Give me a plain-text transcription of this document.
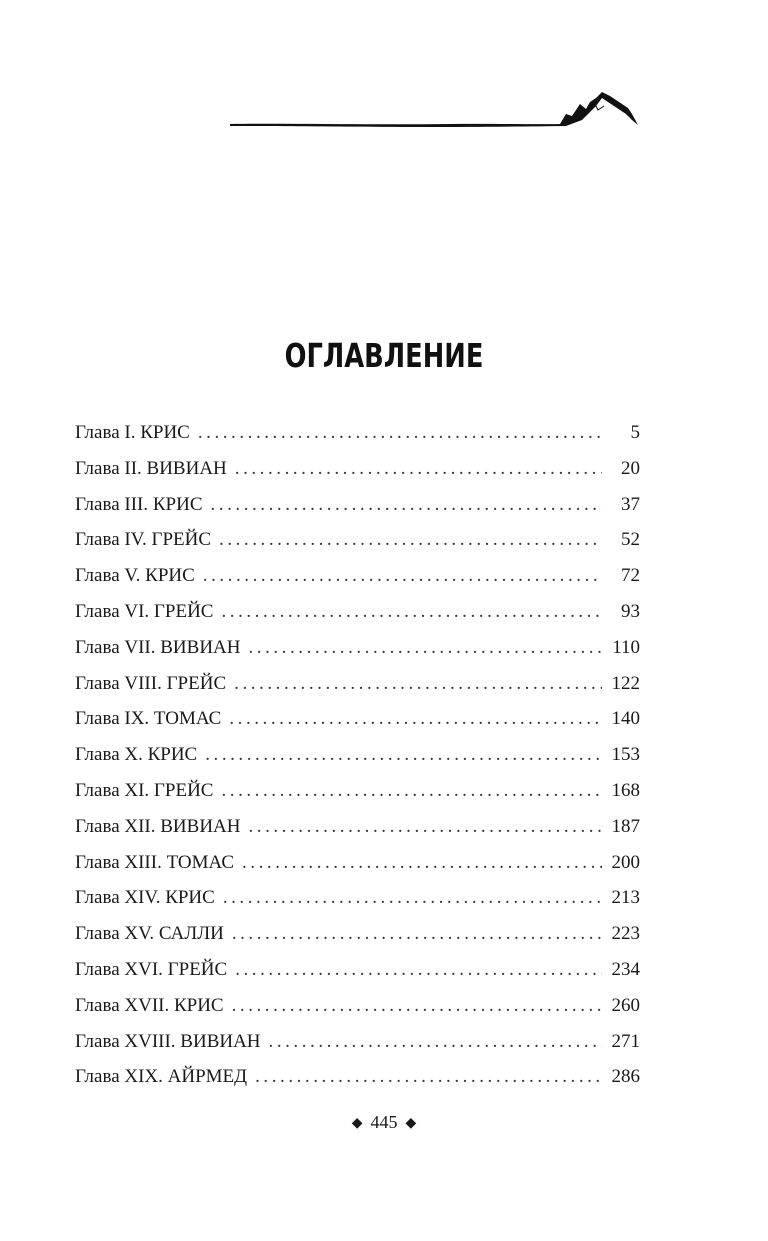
ОГЛАВЛЕНИЕ
Глава I. КРИС . . .	5
Глава II. ВИВИАН . . .	20
Глава III. КРИС . . .	37
Глава IV. ГРЕЙС . . .	52
Глава V. КРИС . . .	72
Глава VI. ГРЕЙС . . .	93
Глава VII. ВИВИАН . . .	110
Глава VIII. ГРЕЙС . . .	122
Глава IX. ТОМАС . . .	140
Глава X. КРИС . . .	153
Глава XI. ГРЕЙС . . .	168
Глава XII. ВИВИАН . . .	187
Глава XIII. ТОМАС . . .	200
Глава XIV. КРИС . . .	213
Глава XV. САЛЛИ . . .	223
Глава XVI. ГРЕЙС . . .	234
Глава XVII. КРИС . . .	260
Глава XVIII. ВИВИАН . . .	271
Глава XIX. АЙРМЕД . . .	286
◆ 445 ◆
